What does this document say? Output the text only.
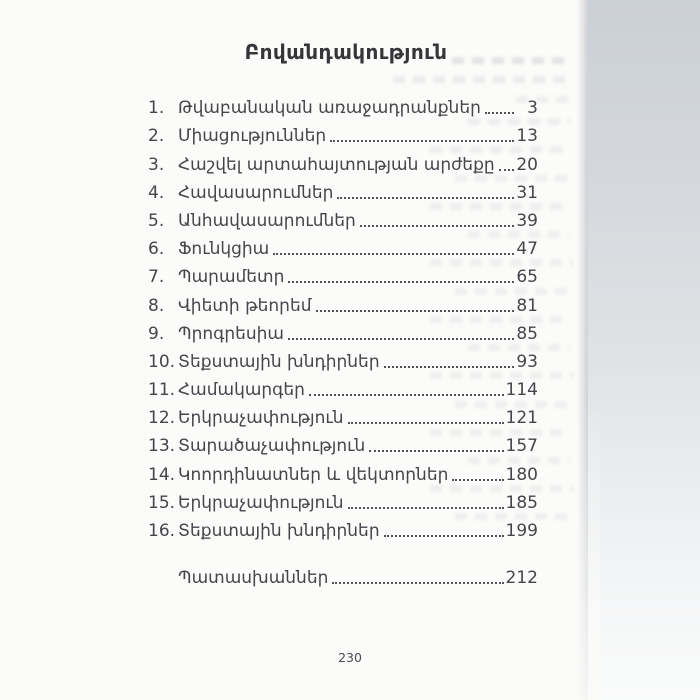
Բովանդակություն
1. Թվաբանական առաջադրանքներ	3
2. Միացություններ	13
3. Հաշվել արտահայտության արժեքը 20
4. Հավասարումներ	31
5. Անհավասարումներ	39
6. Ֆունկցիա	47
7. Պարամետր	65
8. Վիետի թեորեմ	81
9. Պրոգրեսիա	85
10. Տեքստային խնդիրներ	93
11. Համակարգեր	114
12. Երկրաչափություն	121
13. Տարածաչափություն	157
14. Կոորդինատներ և վեկտորներ	180
15. Երկրաչափություն	185
16. Տեքստային խնդիրներ	199
Պատասխաններ	212
230
